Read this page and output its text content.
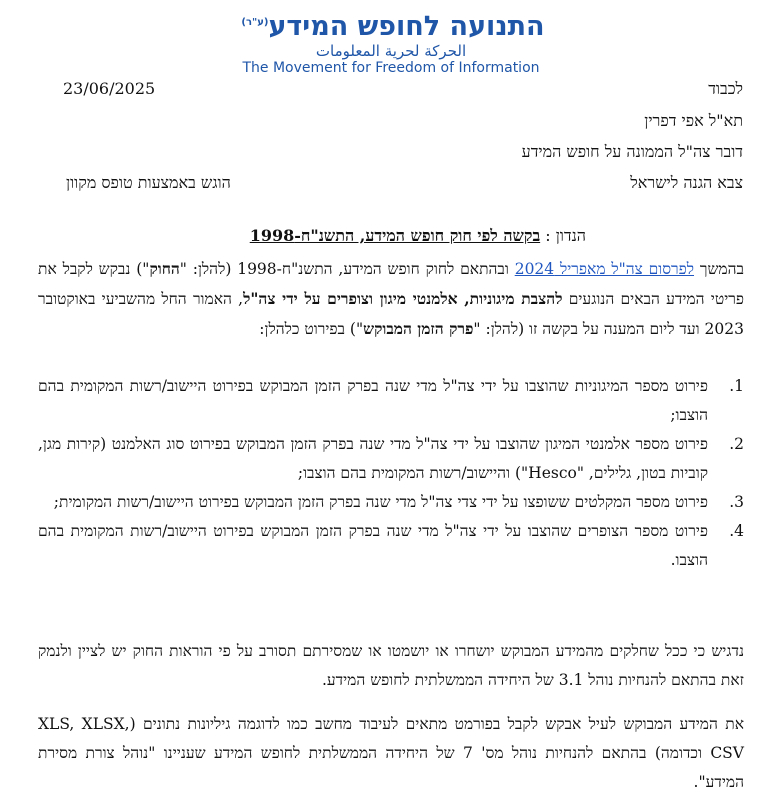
התנועה לחופש המידע$^{(ע"ר)}$
الحركة لحرية المعلومات
The Movement for Freedom of Information
23/06/2025	לכבוד
תא"ל אפי דפרין
דובר צה"ל הממונה על חופש המידע
צבא הגנה לישראל
הוגש באמצעות טופס מקוון
הנדון : בקשה לפי חוק חופש המידע, התשנ"ח-1998
בהמשך לפרסום צה"ל מאפריל 2024 ובהתאם לחוק חופש המידע, התשנ"ח-1998 (להלן: "החוק") נבקש לקבל את פריטי המידע הבאים הנוגעים להצבת מיגוניות, אלמנטי מיגון וצופרים על ידי צה"ל, האמור החל מהשביעי באוקטובר 2023 ועד ליום המענה על בקשה זו (להלן: "פרק הזמן המבוקש") בפירוט כלהלן:
1.
פירוט מספר המיגוניות שהוצבו על ידי צה"ל מדי שנה בפרק הזמן המבוקש בפירוט היישוב/רשות המקומית בהם הוצבו;
2.
פירוט מספר אלמנטי המיגון שהוצבו על ידי צה"ל מדי שנה בפרק הזמן המבוקש בפירוט סוג האלמנט (קירות מגן, קוביות בטון, גלילים, "Hesco") והיישוב/רשות המקומית בהם הוצבו;
3.
פירוט מספר המקלטים ששופצו על ידי צדי צה"ל מדי שנה בפרק הזמן המבוקש בפירוט היישוב/רשות המקומית;
4.
פירוט מספר הצופרים שהוצבו על ידי צה"ל מדי שנה בפרק הזמן המבוקש בפירוט היישוב/רשות המקומית בהם הוצבו.
נדגיש כי ככל שחלקים מהמידע המבוקש יושחרו או יושמטו או שמסירתם תסורב על פי הוראות החוק יש לציין ולנמק זאת בהתאם להנחיות נוהל 3.1 של היחידה הממשלתית לחופש המידע.
את המידע המבוקש לעיל אבקש לקבל בפורמט מתאים לעיבוד מחשב כמו לדוגמה גיליונות נתונים (XLS, XLSX, CSV וכדומה) בהתאם להנחיות נוהל מס' 7 של היחידה הממשלתית לחופש המידע שעניינו "נוהל צורת מסירת המידע".
